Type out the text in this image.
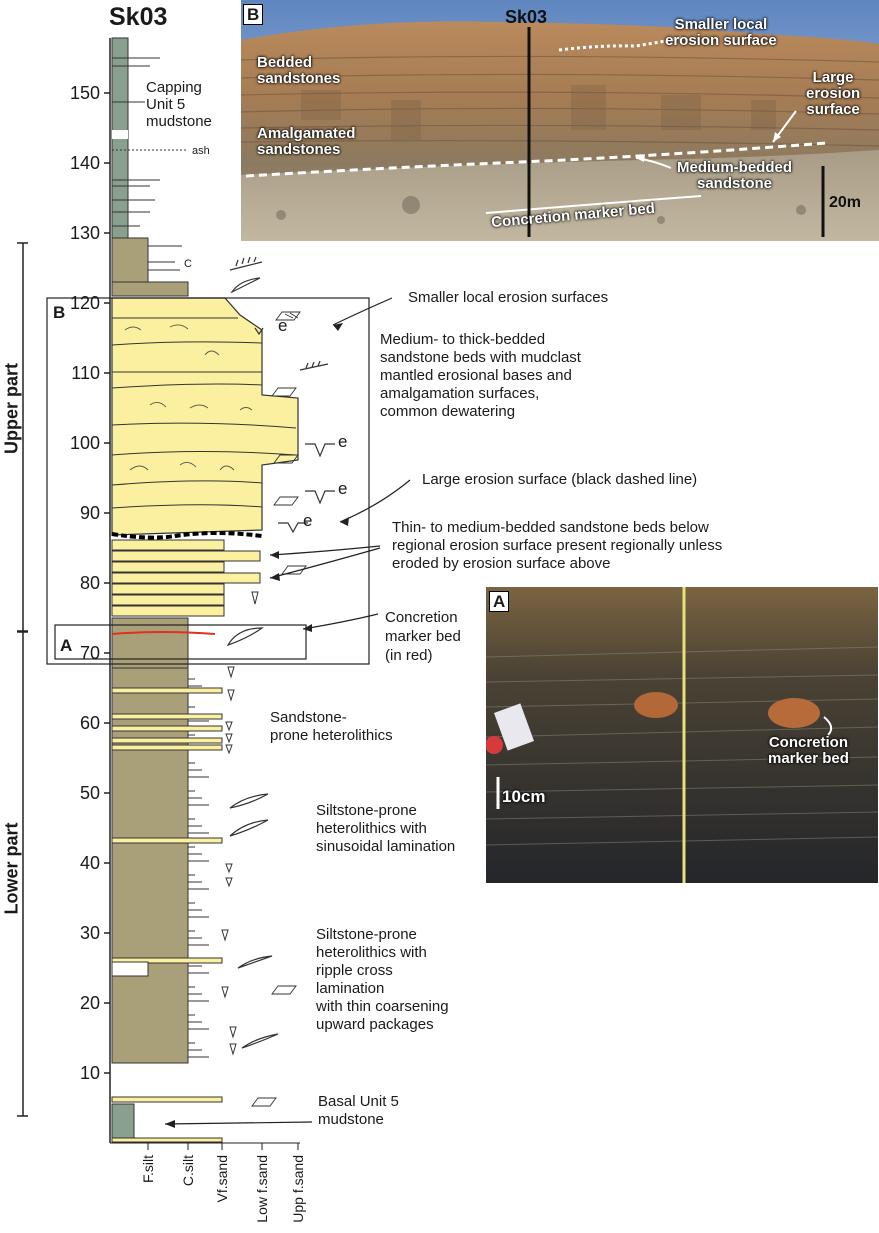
B	Sk03	Smaller local
erosion surface
Bedded
sandstones	Large
erosion
surface
Amalgamated
sandstones
Medium-bedded
sandstone
Concretion marker bed	20m
A
Concretion
marker bed
10cm
Sk03
10
20
30
40
50
60
70
80
90
100
110
120
130
140
150
Upper part
Lower part
ash
C
e
e
e
e
B
A
F.silt C.silt Vf.sand Low f.sand Upp f.sand
Capping
Unit 5
mudstone
Smaller local erosion surfaces
Medium- to thick-bedded
sandstone beds with mudclast
mantled erosional bases and
amalgamation surfaces,
common dewatering
Large erosion surface (black dashed line)
Thin- to medium-bedded sandstone beds below
regional erosion surface present regionally unless
eroded by erosion surface above
Concretion
marker bed
(in red)
Sandstone-
prone heterolithics
Siltstone-prone
heterolithics with
sinusoidal lamination
Siltstone-prone
heterolithics with
ripple cross
lamination
with thin coarsening
upward packages
Basal Unit 5
mudstone
